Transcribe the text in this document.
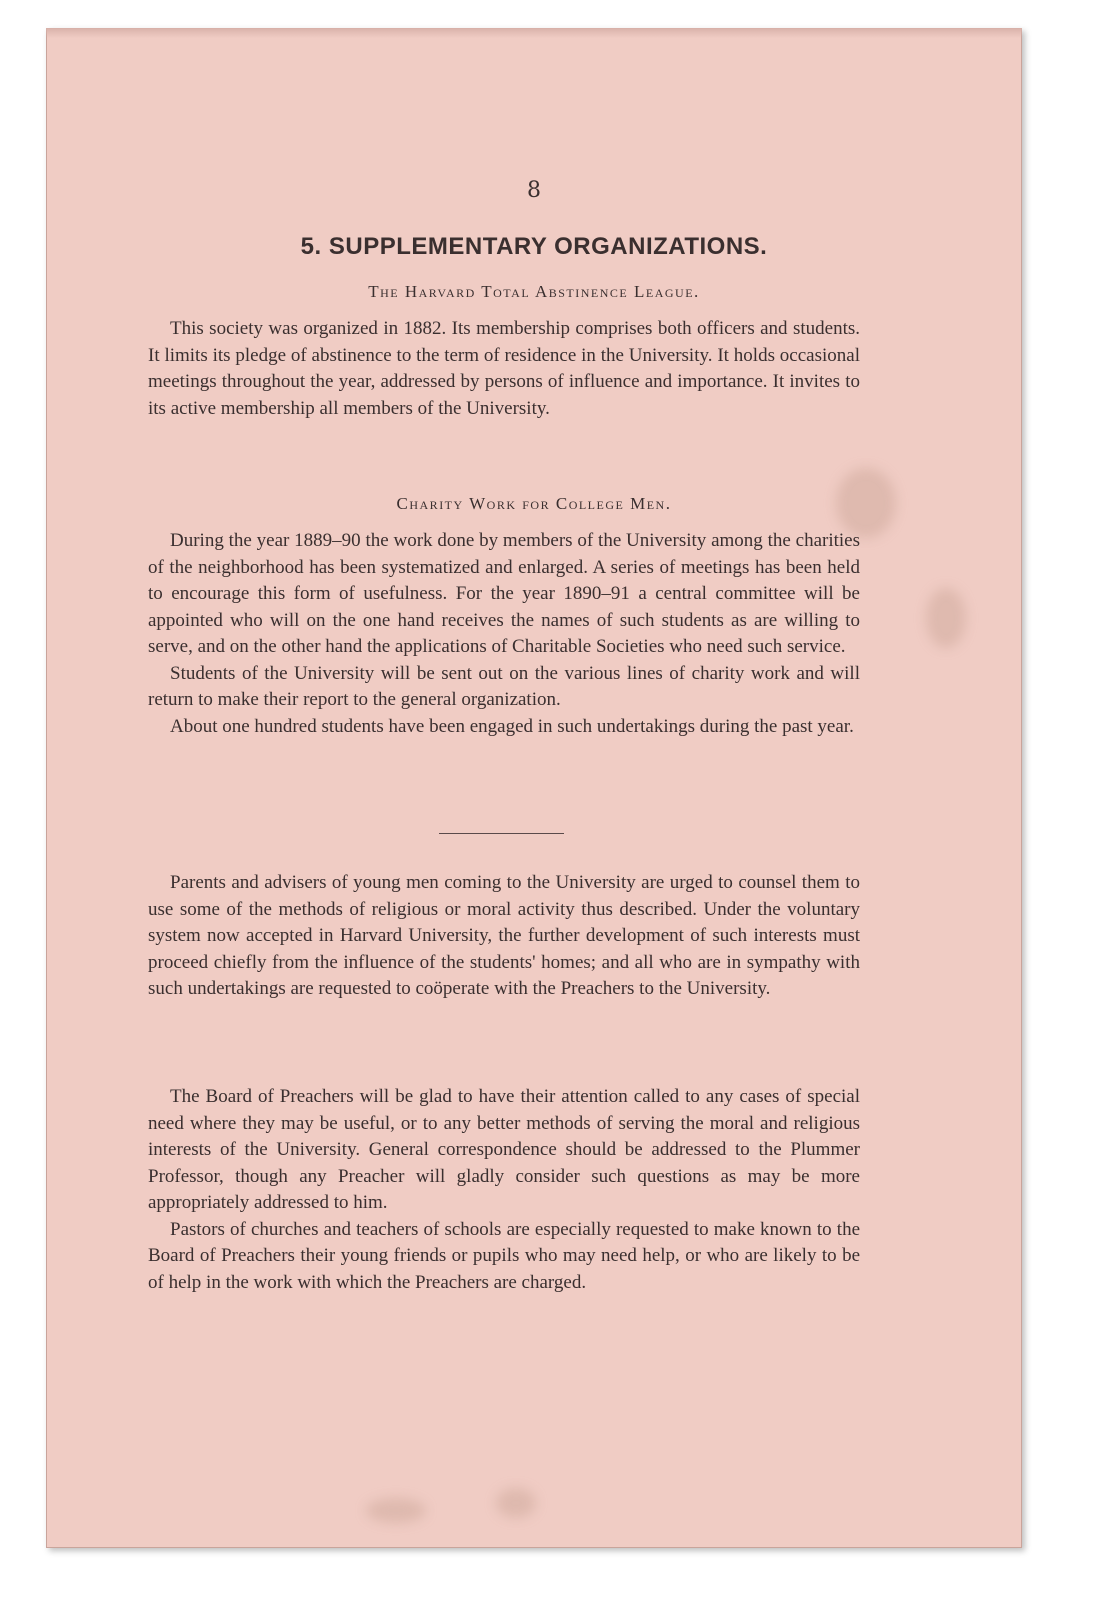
8
5. SUPPLEMENTARY ORGANIZATIONS.
The Harvard Total Abstinence League.

This society was organized in 1882. Its membership comprises both officers and students. It limits its pledge of abstinence to the term of residence in the University. It holds occasional meetings throughout the year, addressed by persons of influence and importance. It invites to its active membership all members of the University.

Charity Work for College Men.

During the year 1889–90 the work done by members of the University among the charities of the neighborhood has been systematized and enlarged. A series of meetings has been held to encourage this form of usefulness. For the year 1890–91 a central committee will be appointed who will on the one hand receives the names of such students as are willing to serve, and on the other hand the applications of Charitable Societies who need such service.

Students of the University will be sent out on the various lines of charity work and will return to make their report to the general organization.

About one hundred students have been engaged in such undertakings during the past year.

Parents and advisers of young men coming to the University are urged to counsel them to use some of the methods of religious or moral activity thus described. Under the voluntary system now accepted in Harvard University, the further development of such interests must proceed chiefly from the influence of the students' homes; and all who are in sympathy with such undertakings are requested to coöperate with the Preachers to the University.

The Board of Preachers will be glad to have their attention called to any cases of special need where they may be useful, or to any better methods of serving the moral and religious interests of the University. General correspondence should be addressed to the Plummer Professor, though any Preacher will gladly consider such questions as may be more appropriately addressed to him.

Pastors of churches and teachers of schools are especially requested to make known to the Board of Preachers their young friends or pupils who may need help, or who are likely to be of help in the work with which the Preachers are charged.
